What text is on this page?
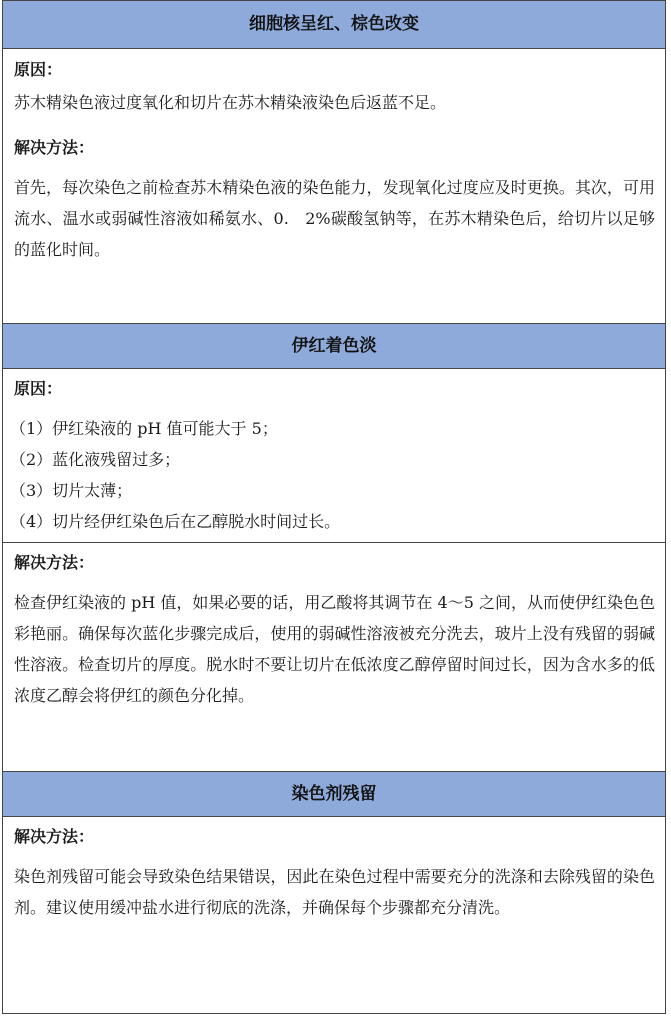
细胞核呈红、棕色改变

原因：

苏木精染色液过度氧化和切片在苏木精染液染色后返蓝不足。

解决方法：

首先，每次染色之前检查苏木精染色液的染色能力，发现氧化过度应及时更换。其次，可用流水、温水或弱碱性溶液如稀氨水、0.　2%碳酸氢钠等，在苏木精染色后，给切片以足够的蓝化时间。

伊红着色淡

原因：

（1）伊红染液的 pH 值可能大于 5；

（2）蓝化液残留过多；

（3）切片太薄；

（4）切片经伊红染色后在乙醇脱水时间过长。

解决方法：

检查伊红染液的 pH 值，如果必要的话，用乙酸将其调节在 4～5 之间，从而使伊红染色色彩艳丽。确保每次蓝化步骤完成后，使用的弱碱性溶液被充分洗去，玻片上没有残留的弱碱性溶液。检查切片的厚度。脱水时不要让切片在低浓度乙醇停留时间过长，因为含水多的低浓度乙醇会将伊红的颜色分化掉。

染色剂残留

解决方法：

染色剂残留可能会导致染色结果错误，因此在染色过程中需要充分的洗涤和去除残留的染色剂。建议使用缓冲盐水进行彻底的洗涤，并确保每个步骤都充分清洗。
